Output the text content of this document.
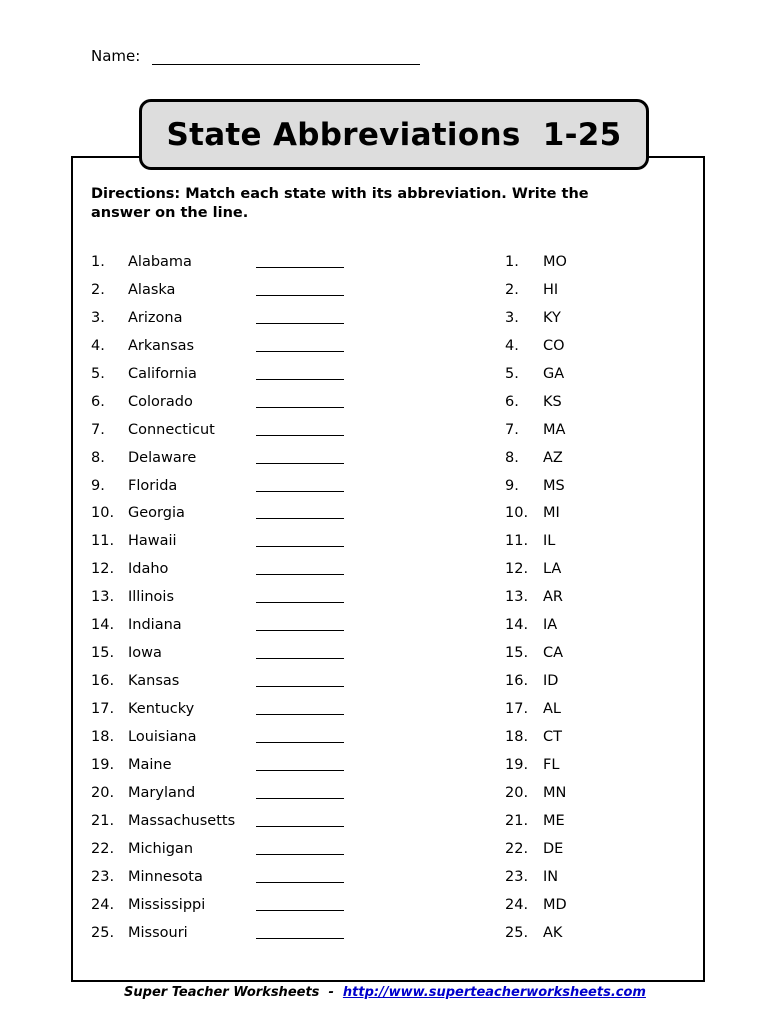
Name:
State Abbreviations  1-25
Directions: Match each state with its abbreviation. Write the answer on the line.
1. Alabama
2. Alaska
3. Arizona
4. Arkansas
5. California
6. Colorado
7. Connecticut
8. Delaware
9. Florida
10. Georgia
11. Hawaii
12. Idaho
13. Illinois
14. Indiana
15. Iowa
16. Kansas
17. Kentucky
18. Louisiana
19. Maine
20. Maryland
21. Massachusetts
22. Michigan
23. Minnesota
24. Mississippi
25. Missouri
1. MO
2. HI
3. KY
4. CO
5. GA
6. KS
7. MA
8. AZ
9. MS
10. MI
11. IL
12. LA
13. AR
14. IA
15. CA
16. ID
17. AL
18. CT
19. FL
20. MN
21. ME
22. DE
23. IN
24. MD
25. AK
Super Teacher Worksheets  -  http://www.superteacherworksheets.com
